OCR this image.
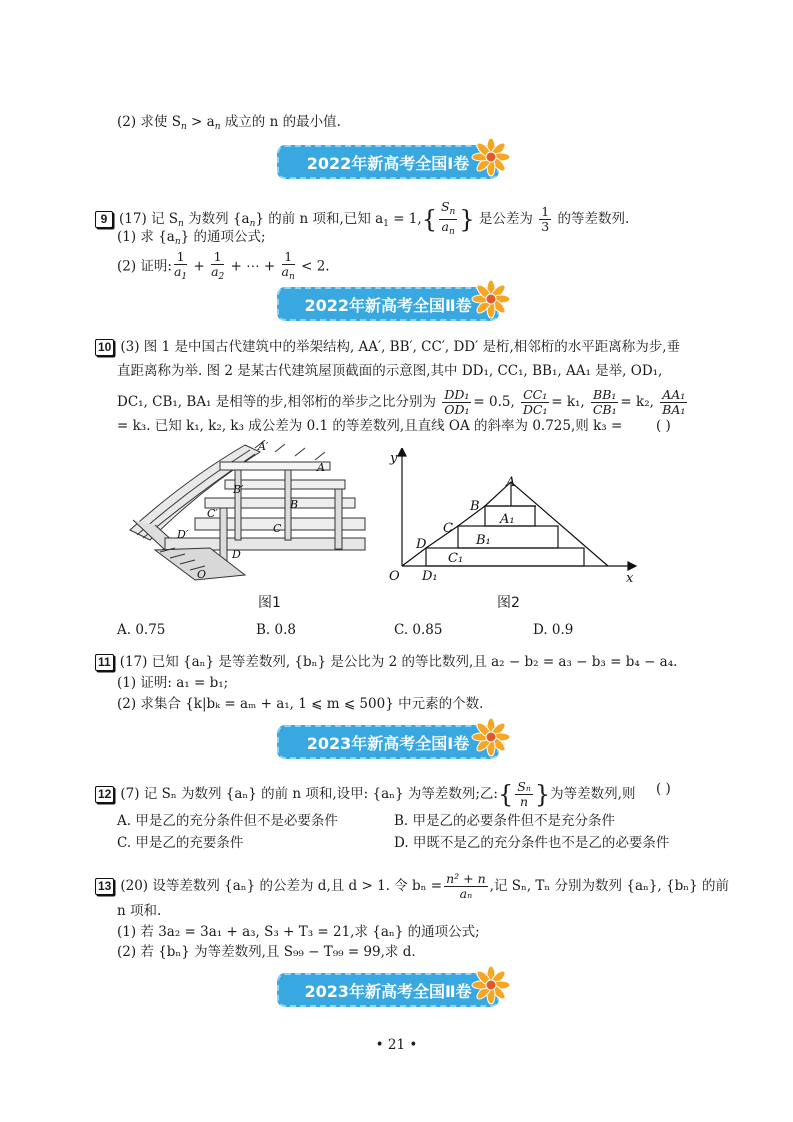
(2) 求使 $S_n > a_n$ 成立的 n 的最小值.
2022年新高考全国Ⅰ卷
9 (17) 记 $S_n$ 为数列 $\{a_n\}$ 的前 n 项和,已知 $a_1 = 1,\{ \frac{S_n}{a_n}$ } 是公差为 $\frac{1}{3}$ 的等差数列.
(1) 求 $\{a_n\}$ 的通项公式;
(2) 证明: $\frac{1}{a_1} + \frac{1}{a_2}$ + ⋯ + $\frac{1}{a_n} < 2$.
2022年新高考全国Ⅱ卷
10 (3) 图 1 是中国古代建筑中的举架结构, AA′, BB′, CC′, DD′ 是桁,相邻桁的水平距离称为步,垂
直距离称为举. 图 2 是某古代建筑屋顶截面的示意图,其中 DD₁, CC₁, BB₁, AA₁ 是举, OD₁,
DC₁, CB₁, BA₁ 是相等的步,相邻桁的举步之比分别为 $\frac{\text{DD₁}}{\text{OD₁}} = 0.5$, $\frac{\text{CC₁}}{\text{DC₁}} = k_1$, $\frac{\text{BB₁}}{\text{CB₁}} = k_2$, $\frac{\text{AA₁}}{\text{BA₁}}$
= k₃. 已知 k₁, k₂, k₃ 成公差为 0.1 的等差数列,且直线 OA 的斜率为 0.725,则 k₃ = ( )
A′
A
B′
B
C′
C
D′
D
O
y
x
O
A
A₁
B
B₁
C
C₁
D
D₁
图1	图2
A. 0.75	B. 0.8	C. 0.85	D. 0.9
11 (17) 已知 {aₙ} 是等差数列, {bₙ} 是公比为 2 的等比数列,且 a₂ − b₂ = a₃ − b₃ = b₄ − a₄.
(1) 证明: a₁ = b₁;
(2) 求集合 {k|bₖ = aₘ + a₁, 1 ⩽ m ⩽ 500} 中元素的个数.
2023年新高考全国Ⅰ卷
12 (7) 记 Sₙ 为数列 {aₙ} 的前 n 项和,设甲: {aₙ} 为等差数列;乙:{ $\frac{\text{Sₙ}}{n}$ }为等差数列,则 ( )
A. 甲是乙的充分条件但不是必要条件	B. 甲是乙的必要条件但不是充分条件
C. 甲是乙的充要条件	D. 甲既不是乙的充分条件也不是乙的必要条件
13 (20) 设等差数列 {aₙ} 的公差为 d,且 d > 1. 令 $b_n = \frac{\text{n² + n}}{\text{aₙ}}$ ,记 Sₙ, Tₙ 分别为数列 {aₙ}, {bₙ} 的前
n 项和.
(1) 若 3a₂ = 3a₁ + a₃, S₃ + T₃ = 21,求 {aₙ} 的通项公式;
(2) 若 {bₙ} 为等差数列,且 S₉₉ − T₉₉ = 99,求 d.
2023年新高考全国Ⅱ卷
• 21 •
